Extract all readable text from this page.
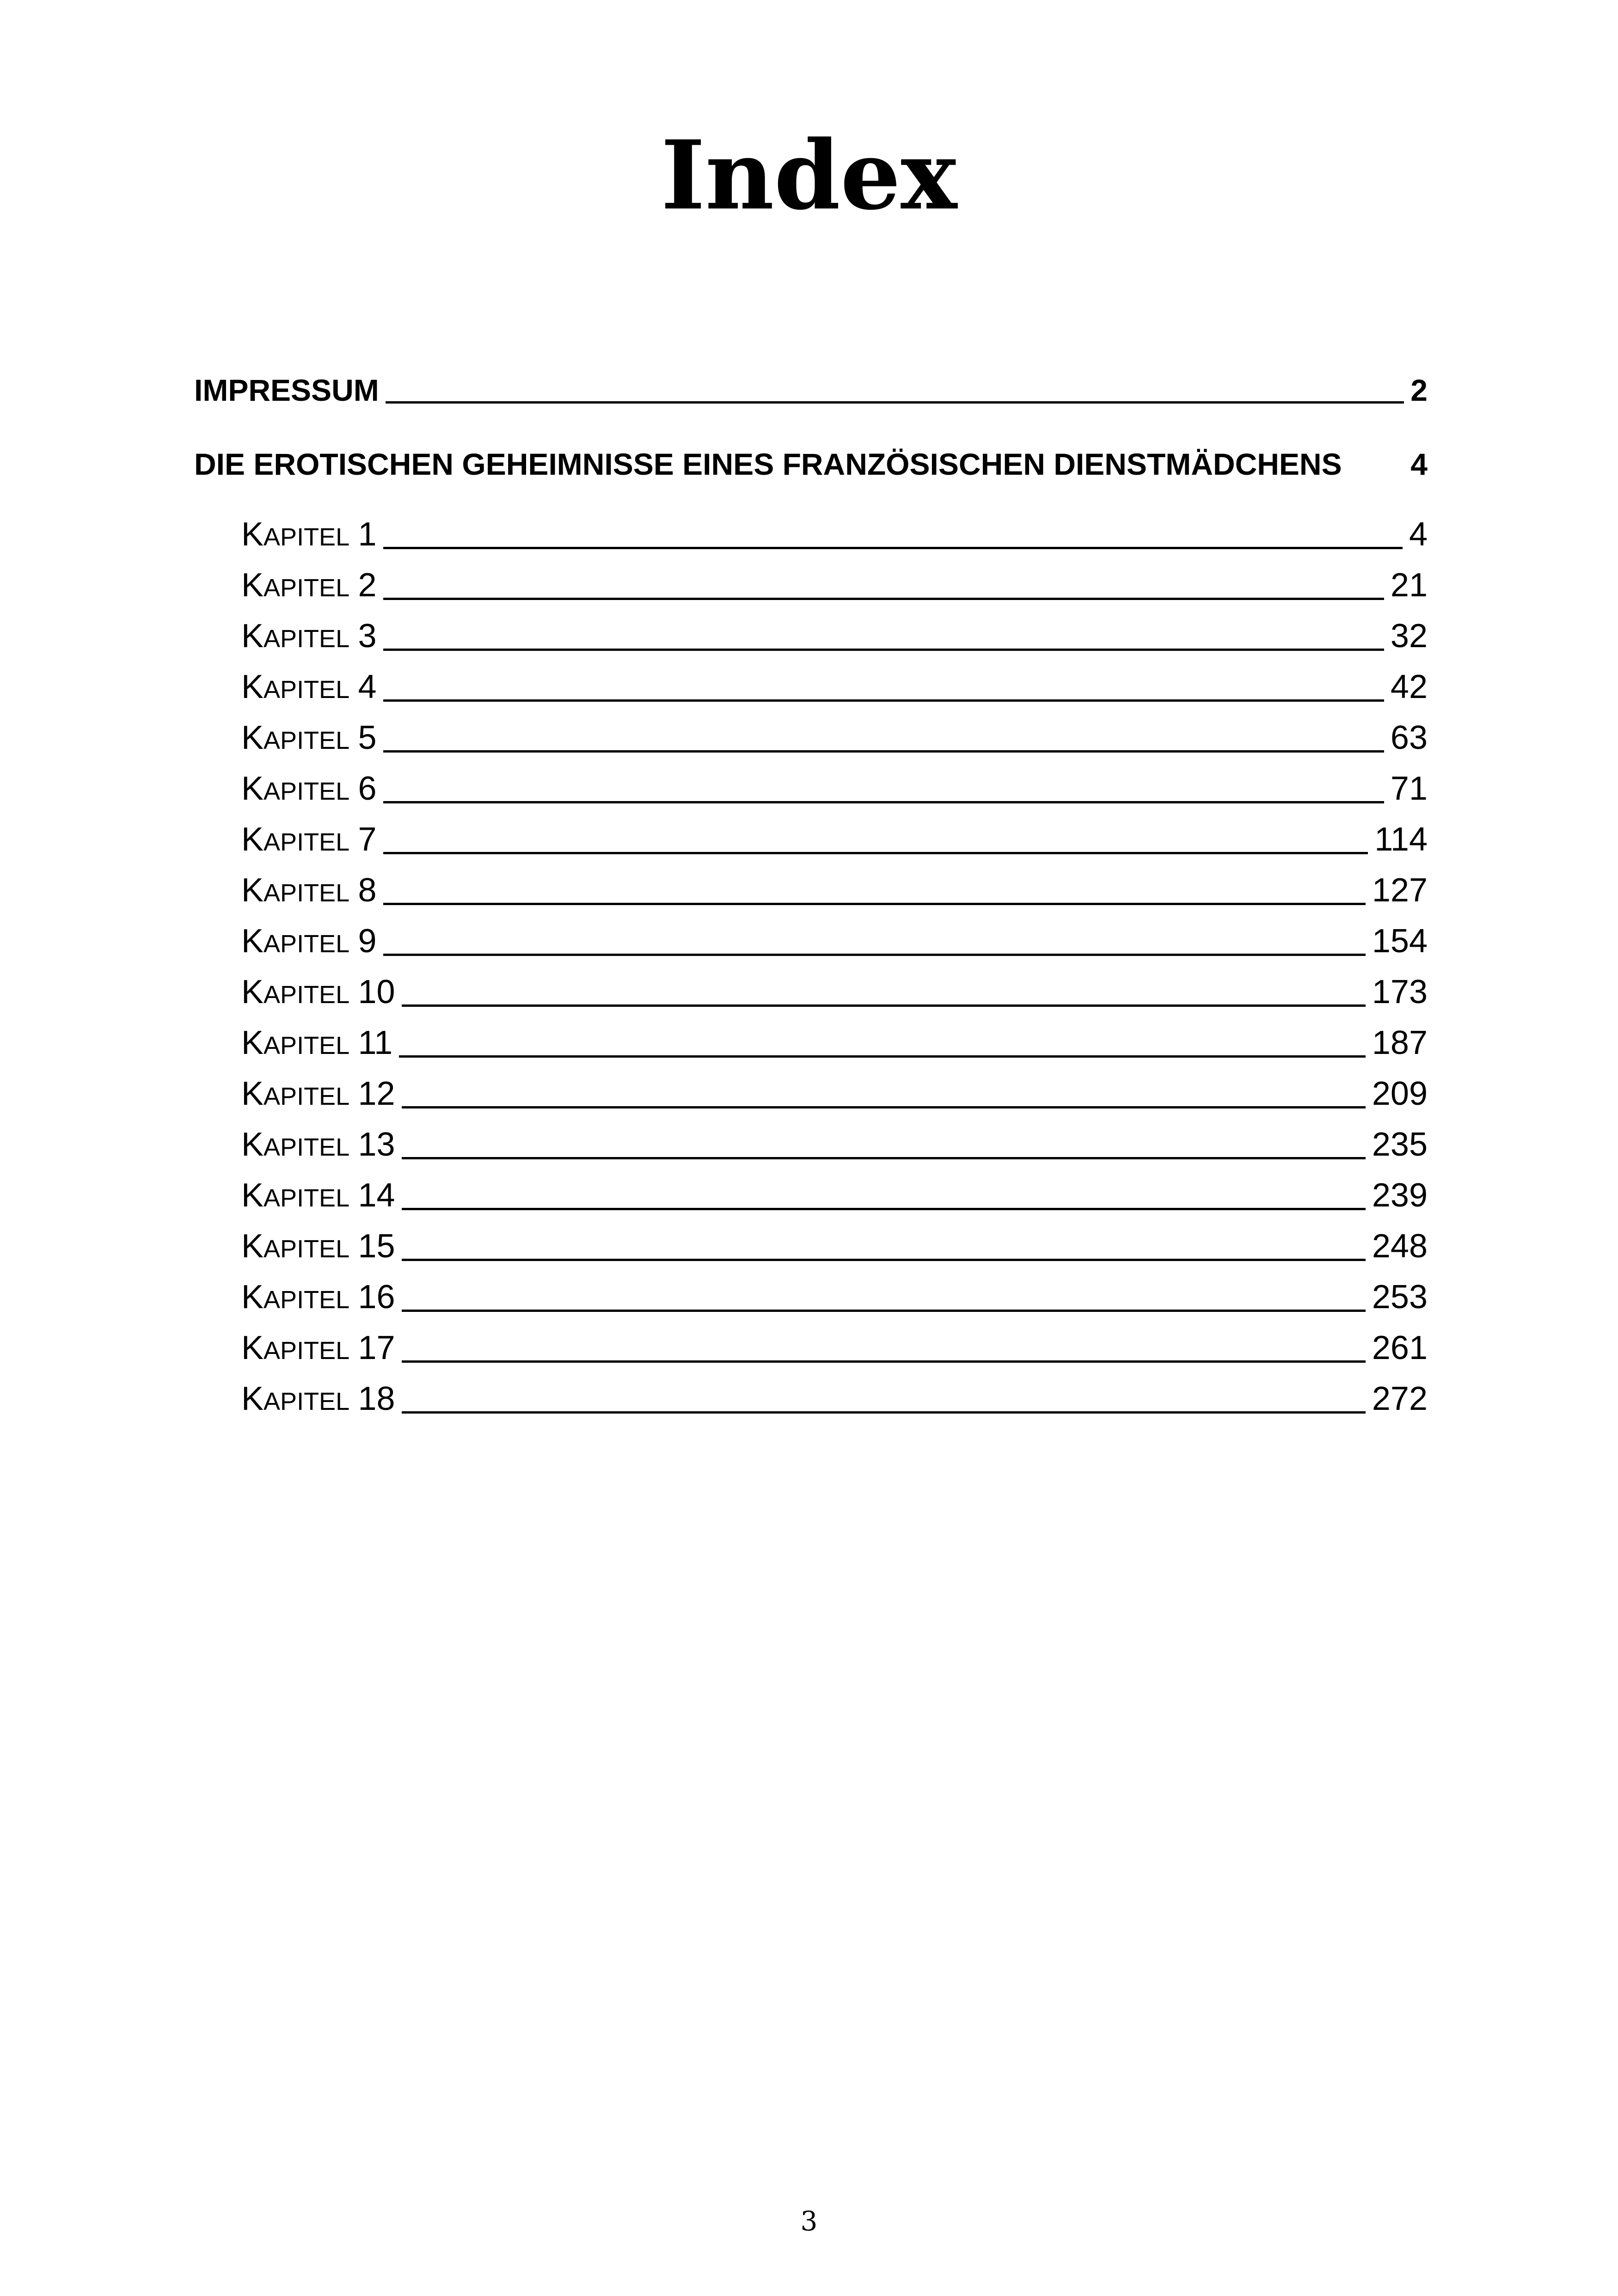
Index
IMPRESSUM	2
DIE EROTISCHEN GEHEIMNISSE EINES FRANZÖSISCHEN DIENSTMÄDCHENS 4
KAPITEL 1	4
KAPITEL 2	21
KAPITEL 3	32
KAPITEL 4	42
KAPITEL 5	63
KAPITEL 6	71
KAPITEL 7	114
KAPITEL 8	127
KAPITEL 9	154
KAPITEL 10	173
KAPITEL 11	187
KAPITEL 12	209
KAPITEL 13	235
KAPITEL 14	239
KAPITEL 15	248
KAPITEL 16	253
KAPITEL 17	261
KAPITEL 18	272
3
